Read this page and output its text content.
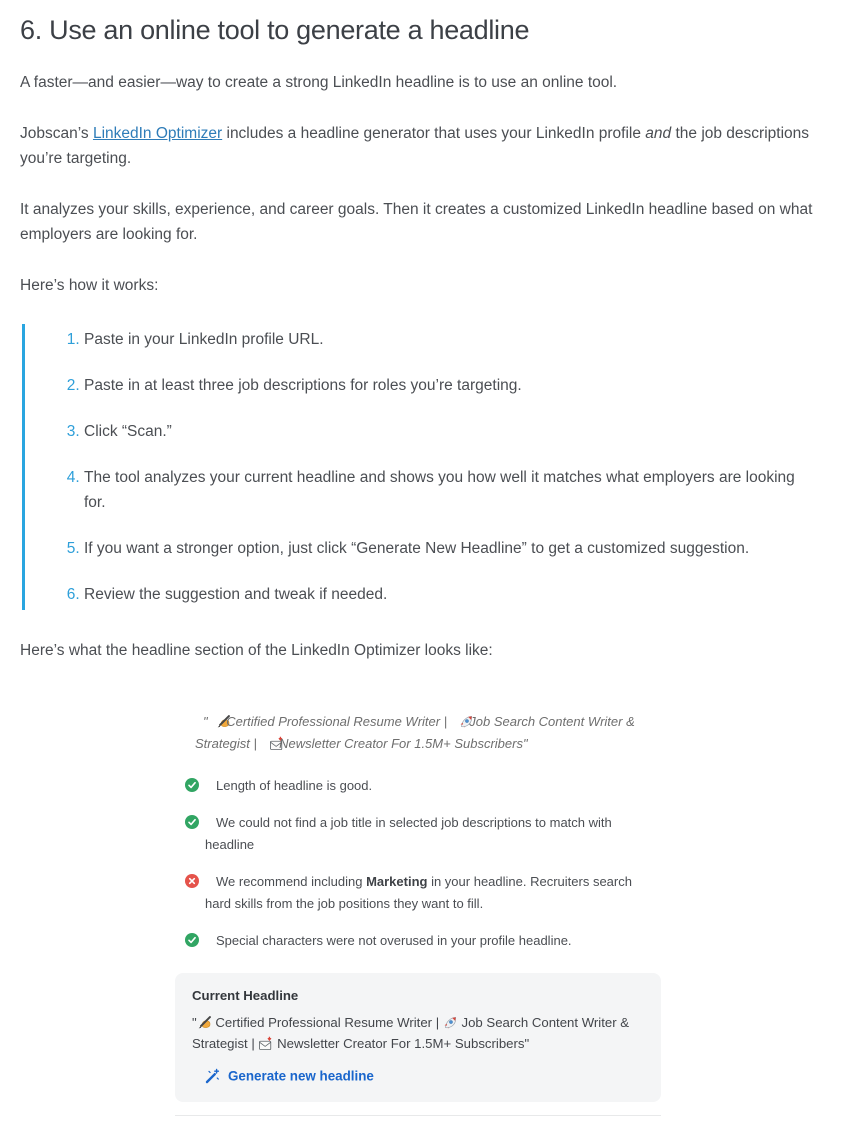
6. Use an online tool to generate a headline

A faster—and easier—way to create a strong LinkedIn headline is to use an online tool.

Jobscan’s LinkedIn Optimizer includes a headline generator that uses your LinkedIn profile and the job descriptions you’re targeting.

It analyzes your skills, experience, and career goals. Then it creates a customized LinkedIn headline based on what employers are looking for.

Here’s how it works:

1. Paste in your LinkedIn profile URL.
2. Paste in at least three job descriptions for roles you’re targeting.
3. Click “Scan.”
4. The tool analyzes your current headline and shows you how well it matches what employers are looking for.
5. If you want a stronger option, just click “Generate New Headline” to get a customized suggestion.
6. Review the suggestion and tweak if needed.

Here’s what the headline section of the LinkedIn Optimizer looks like:

" Certified Professional Resume Writer |  Job Search Content Writer & Strategist |  Newsletter Creator For 1.5M+ Subscribers"

Length of headline is good.
We could not find a job title in selected job descriptions to match with headline
We recommend including Marketing in your headline. Recruiters search hard skills from the job positions they want to fill.
Special characters were not overused in your profile headline.
Current Headline

" Certified Professional Resume Writer |  Job Search Content Writer & Strategist |  Newsletter Creator For 1.5M+ Subscribers"

Generate new headline
